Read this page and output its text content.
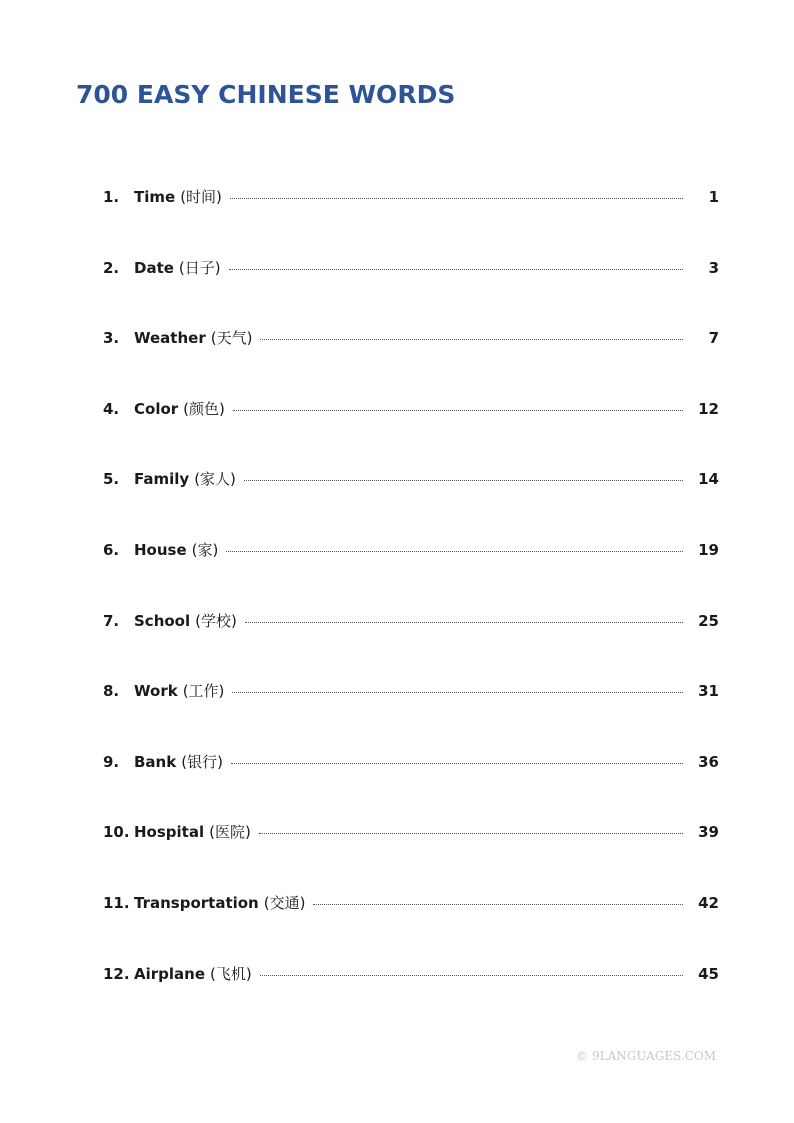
700 EASY CHINESE WORDS
1. Time (时间)	1
2. Date (日子)	3
3. Weather (天气)	7
4. Color (颜色)	12
5. Family (家人)	14
6. House (家)	19
7. School (学校)	25
8. Work (工作)	31
9. Bank (银行)	36
10. Hospital (医院)	39
11. Transportation (交通)	42
12. Airplane (飞机)	45
© 9LANGUAGES.COM
